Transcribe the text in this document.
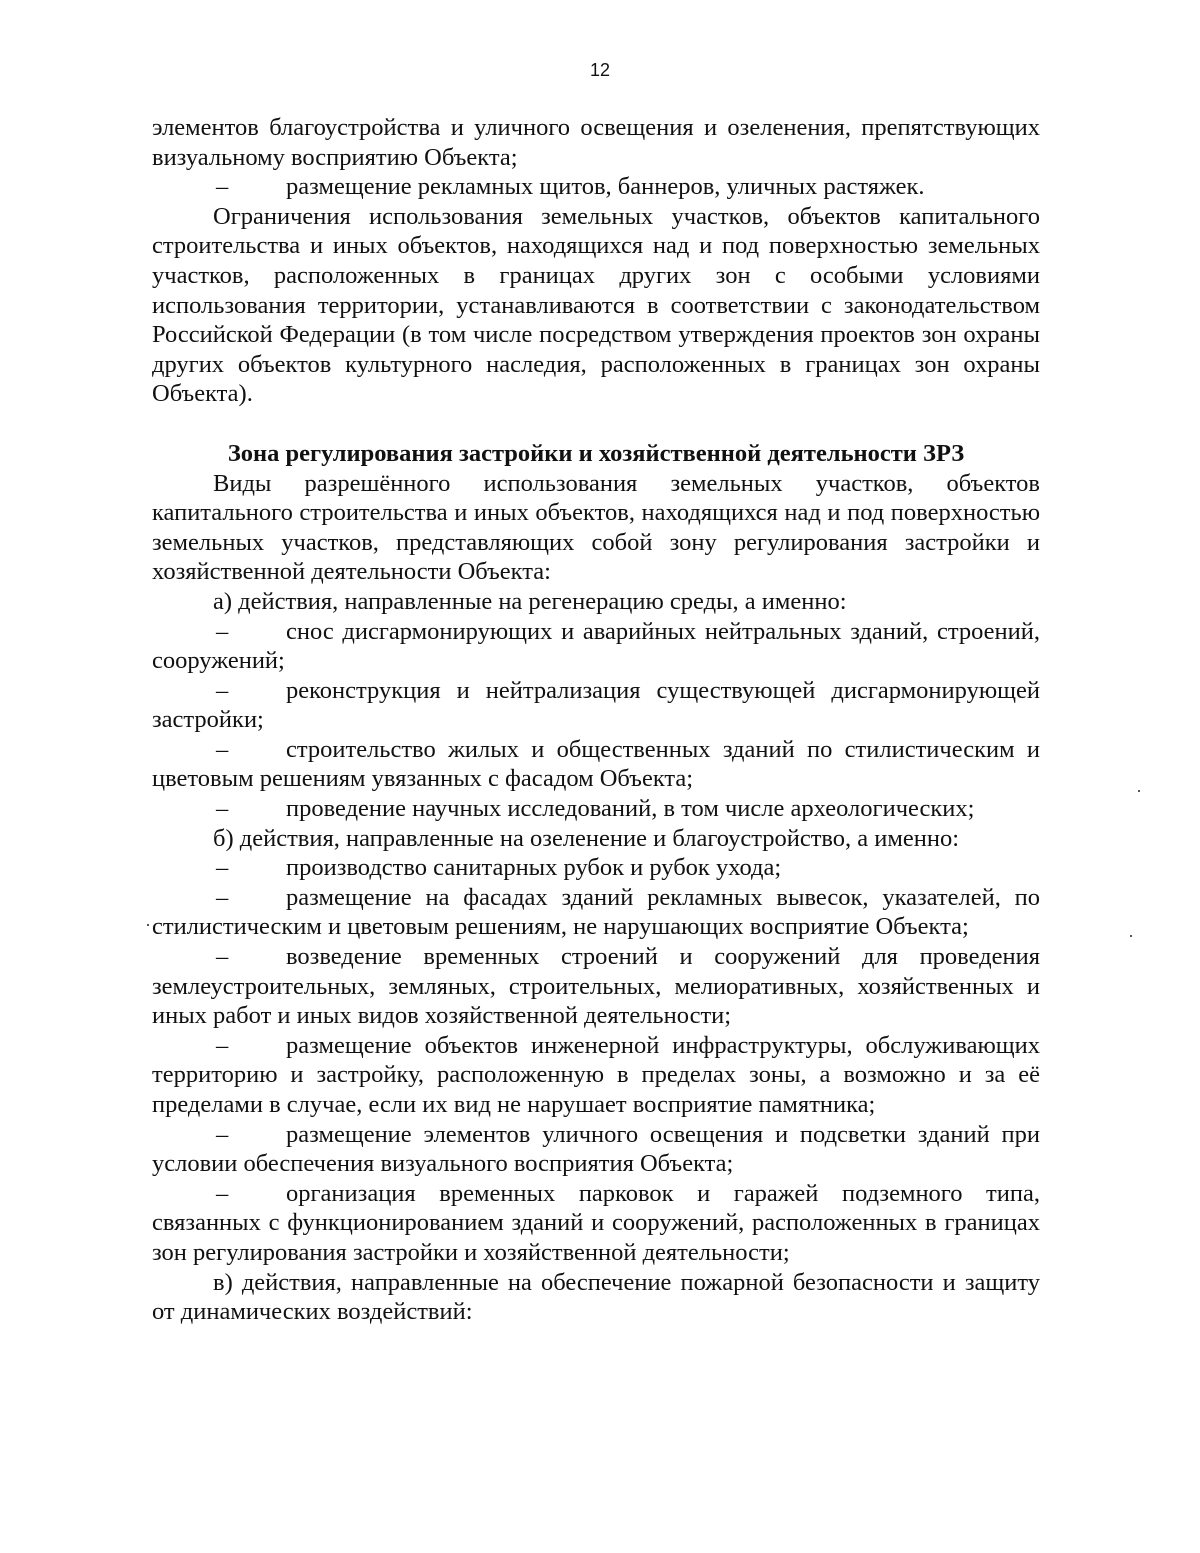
12

элементов благоустройства и уличного освещения и озеленения, препятствующих визуальному восприятию Объекта;

– размещение рекламных щитов, баннеров, уличных растяжек.

Ограничения использования земельных участков, объектов капитального строительства и иных объектов, находящихся над и под поверхностью земельных участков, расположенных в границах других зон с особыми условиями использования территории, устанавливаются в соответствии с законодательством Российской Федерации (в том числе посредством утверждения проектов зон охраны других объектов культурного наследия, расположенных в границах зон охраны Объекта).

Зона регулирования застройки и хозяйственной деятельности ЗРЗ

Виды разрешённого использования земельных участков, объектов капитального строительства и иных объектов, находящихся над и под поверхностью земельных участков, представляющих собой зону регулирования застройки и хозяйственной деятельности Объекта:

а) действия, направленные на регенерацию среды, а именно:

– снос дисгармонирующих и аварийных нейтральных зданий, строений, сооружений;

– реконструкция и нейтрализация существующей дисгармонирующей застройки;

– строительство жилых и общественных зданий по стилистическим и цветовым решениям увязанных с фасадом Объекта;

– проведение научных исследований, в том числе археологических;

б) действия, направленные на озеленение и благоустройство, а именно:

– производство санитарных рубок и рубок ухода;

– размещение на фасадах зданий рекламных вывесок, указателей, по стилистическим и цветовым решениям, не нарушающих восприятие Объекта;

– возведение временных строений и сооружений для проведения землеустроительных, земляных, строительных, мелиоративных, хозяйственных и иных работ и иных видов хозяйственной деятельности;

– размещение объектов инженерной инфраструктуры, обслуживающих территорию и застройку, расположенную в пределах зоны, а возможно и за её пределами в случае, если их вид не нарушает восприятие памятника;

– размещение элементов уличного освещения и подсветки зданий при условии обеспечения визуального восприятия Объекта;

– организация временных парковок и гаражей подземного типа, связанных с функционированием зданий и сооружений, расположенных в границах зон регулирования застройки и хозяйственной деятельности;

в) действия, направленные на обеспечение пожарной безопасности и защиту от динамических воздействий:
